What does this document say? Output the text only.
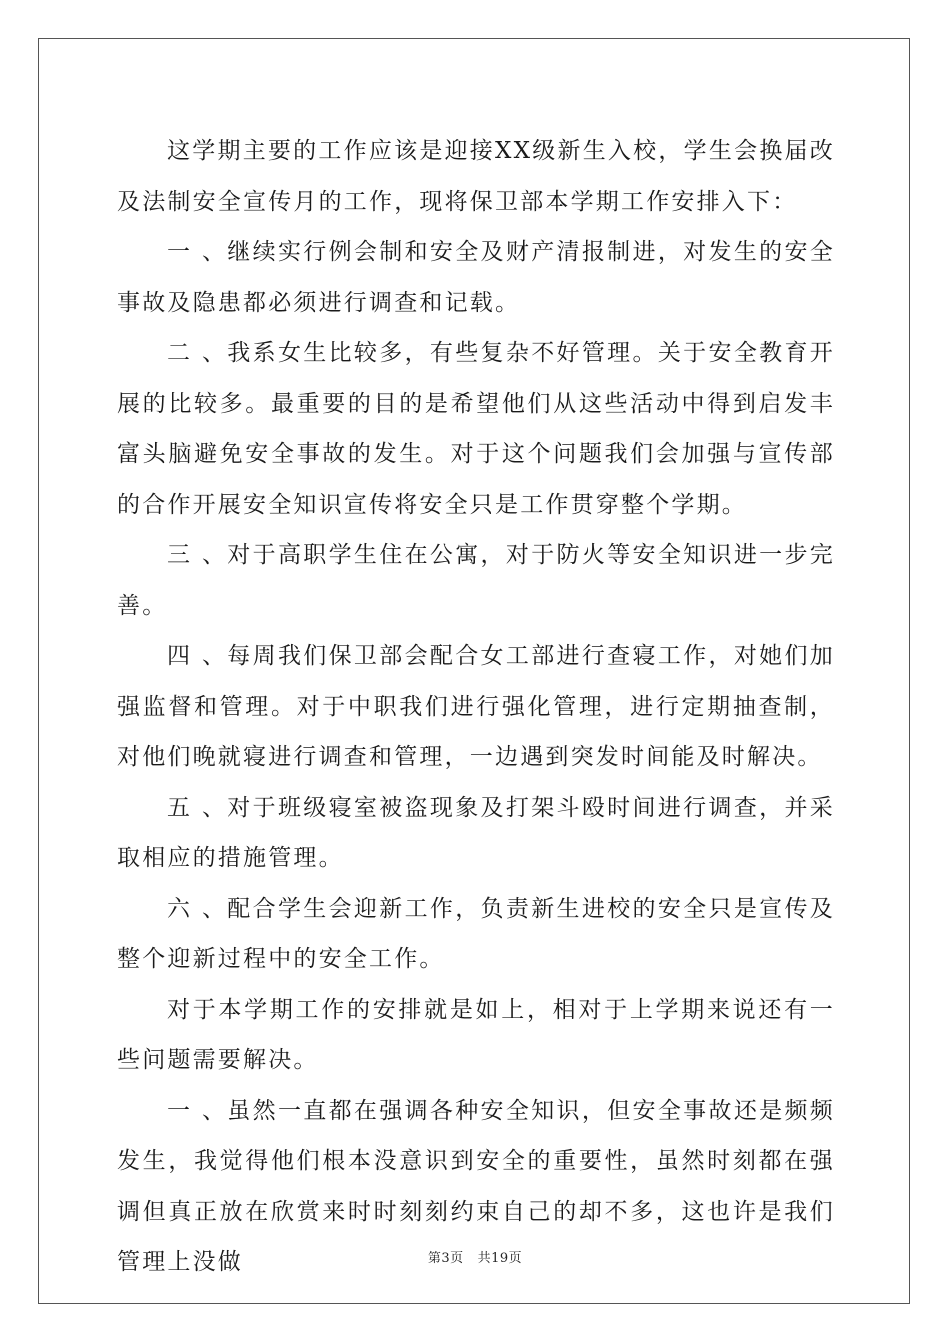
这学期主要的工作应该是迎接XX级新生入校，学生会换届改及法制安全宣传月的工作，现将保卫部本学期工作安排入下：

一 、继续实行例会制和安全及财产清报制进，对发生的安全事故及隐患都必须进行调查和记载。

二 、我系女生比较多，有些复杂不好管理。关于安全教育开展的比较多。最重要的目的是希望他们从这些活动中得到启发丰富头脑避免安全事故的发生。对于这个问题我们会加强与宣传部的合作开展安全知识宣传将安全只是工作贯穿整个学期。

三 、对于高职学生住在公寓，对于防火等安全知识进一步完善。

四 、每周我们保卫部会配合女工部进行查寝工作，对她们加强监督和管理。对于中职我们进行强化管理，进行定期抽查制，对他们晚就寝进行调查和管理，一边遇到突发时间能及时解决。

五 、对于班级寝室被盗现象及打架斗殴时间进行调查，并采取相应的措施管理。

六 、配合学生会迎新工作，负责新生进校的安全只是宣传及整个迎新过程中的安全工作。

对于本学期工作的安排就是如上，相对于上学期来说还有一些问题需要解决。

一 、虽然一直都在强调各种安全知识，但安全事故还是频频发生，我觉得他们根本没意识到安全的重要性，虽然时刻都在强调但真正放在欣赏来时时刻刻约束自己的却不多，这也许是我们管理上没做	第3页 共19页
